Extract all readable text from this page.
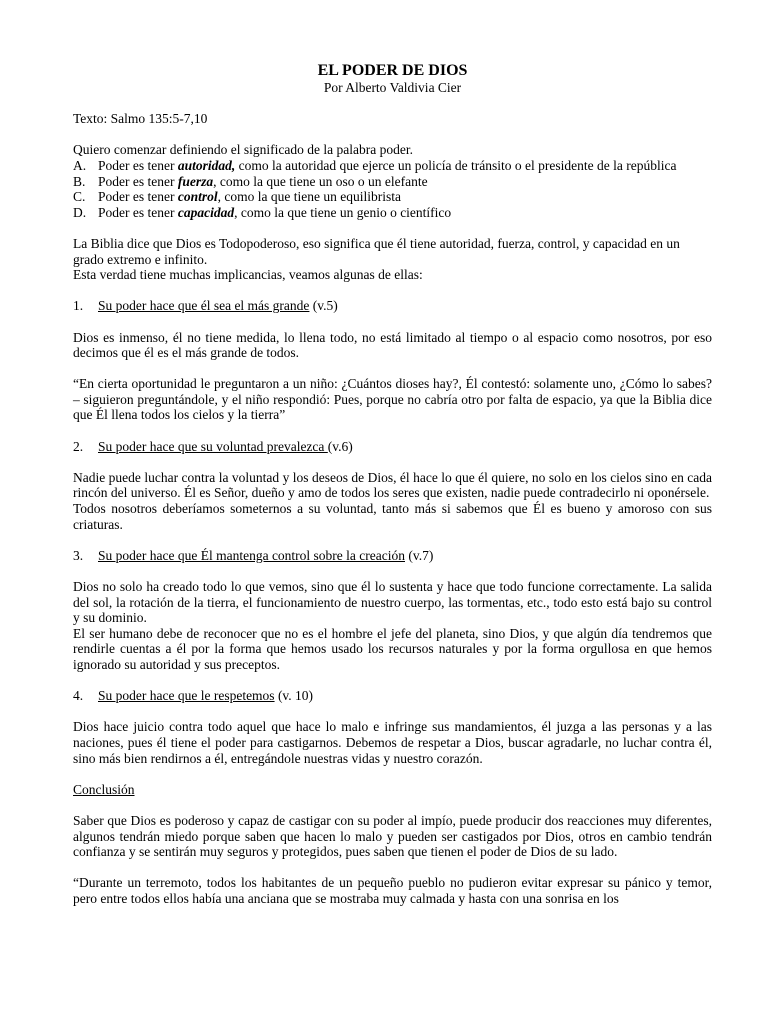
EL PODER DE DIOS
Por Alberto Valdivia Cier
Texto: Salmo 135:5-7,10
Quiero comenzar definiendo el significado de la palabra poder.
A. Poder es tener autoridad, como la autoridad que ejerce un policía de tránsito o el presidente de la república
B. Poder es tener fuerza, como la que tiene un oso o un elefante
C. Poder es tener control, como la que tiene un equilibrista
D. Poder es tener capacidad, como la que tiene un genio o científico
La Biblia dice que Dios es Todopoderoso, eso significa que él tiene autoridad, fuerza, control, y capacidad en un grado extremo e infinito.
Esta verdad tiene muchas implicancias, veamos algunas de ellas:
1.	Su poder hace que él sea el más grande (v.5)
Dios es inmenso, él no tiene medida, lo llena todo, no está limitado al tiempo o al espacio como nosotros, por eso decimos que él es el más grande de todos.
“En cierta oportunidad le preguntaron a un niño: ¿Cuántos dioses hay?, Él contestó: solamente uno, ¿Cómo lo sabes? – siguieron preguntándole, y el niño respondió: Pues, porque no cabría otro por falta de espacio, ya que la Biblia dice que Él llena todos los cielos y la tierra”
2.	Su poder hace que su voluntad prevalezca (v.6)
Nadie puede luchar contra la voluntad y los deseos de Dios, él hace lo que él quiere, no solo en los cielos sino en cada rincón del universo. Él es Señor, dueño y amo de todos los seres que existen, nadie puede contradecirlo ni oponérsele.
Todos nosotros deberíamos someternos a su voluntad, tanto más si sabemos que Él es bueno y amoroso con sus criaturas.
3.	Su poder hace que Él mantenga control sobre la creación (v.7)
Dios no solo ha creado todo lo que vemos, sino que él lo sustenta y hace que todo funcione correctamente. La salida del sol, la rotación de la tierra, el funcionamiento de nuestro cuerpo, las tormentas, etc., todo esto está bajo su control y su dominio.
El ser humano debe de reconocer que no es el hombre el jefe del planeta, sino Dios, y que algún día tendremos que rendirle cuentas a él por la forma que hemos usado los recursos naturales y por la forma orgullosa en que hemos ignorado su autoridad y sus preceptos.
4.	Su poder hace que le respetemos (v. 10)
Dios hace juicio contra todo aquel que hace lo malo e infringe sus mandamientos, él juzga a las personas y a las naciones, pues él tiene el poder para castigarnos. Debemos de respetar a Dios, buscar agradarle, no luchar contra él, sino más bien rendirnos a él, entregándole nuestras vidas y nuestro corazón.
Conclusión
Saber que Dios es poderoso y capaz de castigar con su poder al impío, puede producir dos reacciones muy diferentes, algunos tendrán miedo porque saben que hacen lo malo y pueden ser castigados por Dios, otros en cambio tendrán confianza y se sentirán muy seguros y protegidos, pues saben que tienen el poder de Dios de su lado.
“Durante un terremoto, todos los habitantes de un pequeño pueblo no pudieron evitar expresar su pánico y temor, pero entre todos ellos había una anciana que se mostraba muy calmada y hasta con una sonrisa en los
